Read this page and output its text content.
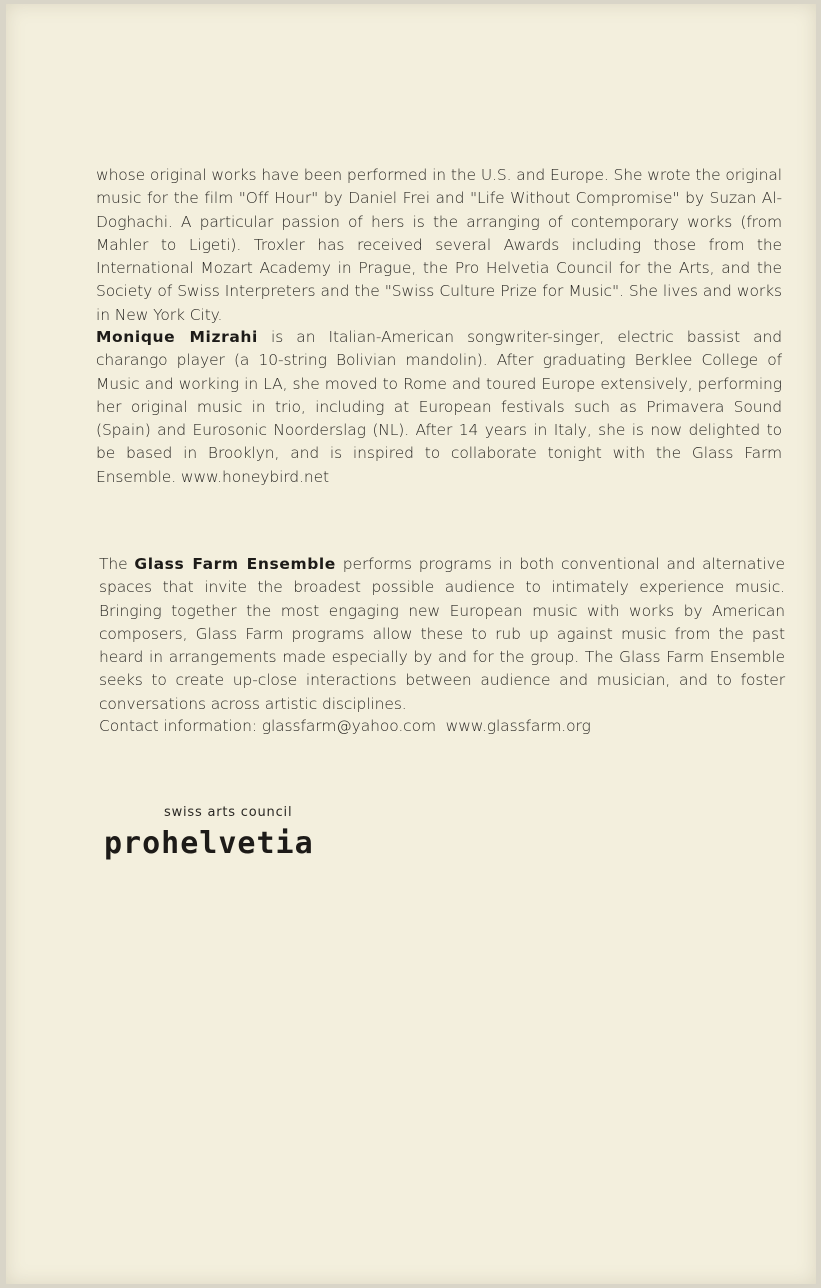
whose original works have been performed in the U.S. and Europe. She wrote the original music for the film "Off Hour" by Daniel Frei and "Life Without Compromise" by Suzan Al-Doghachi. A particular passion of hers is the arranging of contemporary works (from Mahler to Ligeti). Troxler has received several Awards including those from the International Mozart Academy in Prague, the Pro Helvetia Council for the Arts, and the Society of Swiss Interpreters and the "Swiss Culture Prize for Music". She lives and works in New York City.

Monique Mizrahi is an Italian-American songwriter-singer, electric bassist and charango player (a 10-string Bolivian mandolin). After graduating Berklee College of Music and working in LA, she moved to Rome and toured Europe extensively, performing her original music in trio, including at European festivals such as Primavera Sound (Spain) and Eurosonic Noorderslag (NL). After 14 years in Italy, she is now delighted to be based in Brooklyn, and is inspired to collaborate tonight with the Glass Farm Ensemble. www.honeybird.net

The Glass Farm Ensemble performs programs in both conventional and alternative spaces that invite the broadest possible audience to intimately experience music. Bringing together the most engaging new European music with works by American composers, Glass Farm programs allow these to rub up against music from the past heard in arrangements made especially by and for the group. The Glass Farm Ensemble seeks to create up-close interactions between audience and musician, and to foster conversations across artistic disciplines.

Contact information: glassfarm@yahoo.com  www.glassfarm.org

swiss arts council
prohelvetia
